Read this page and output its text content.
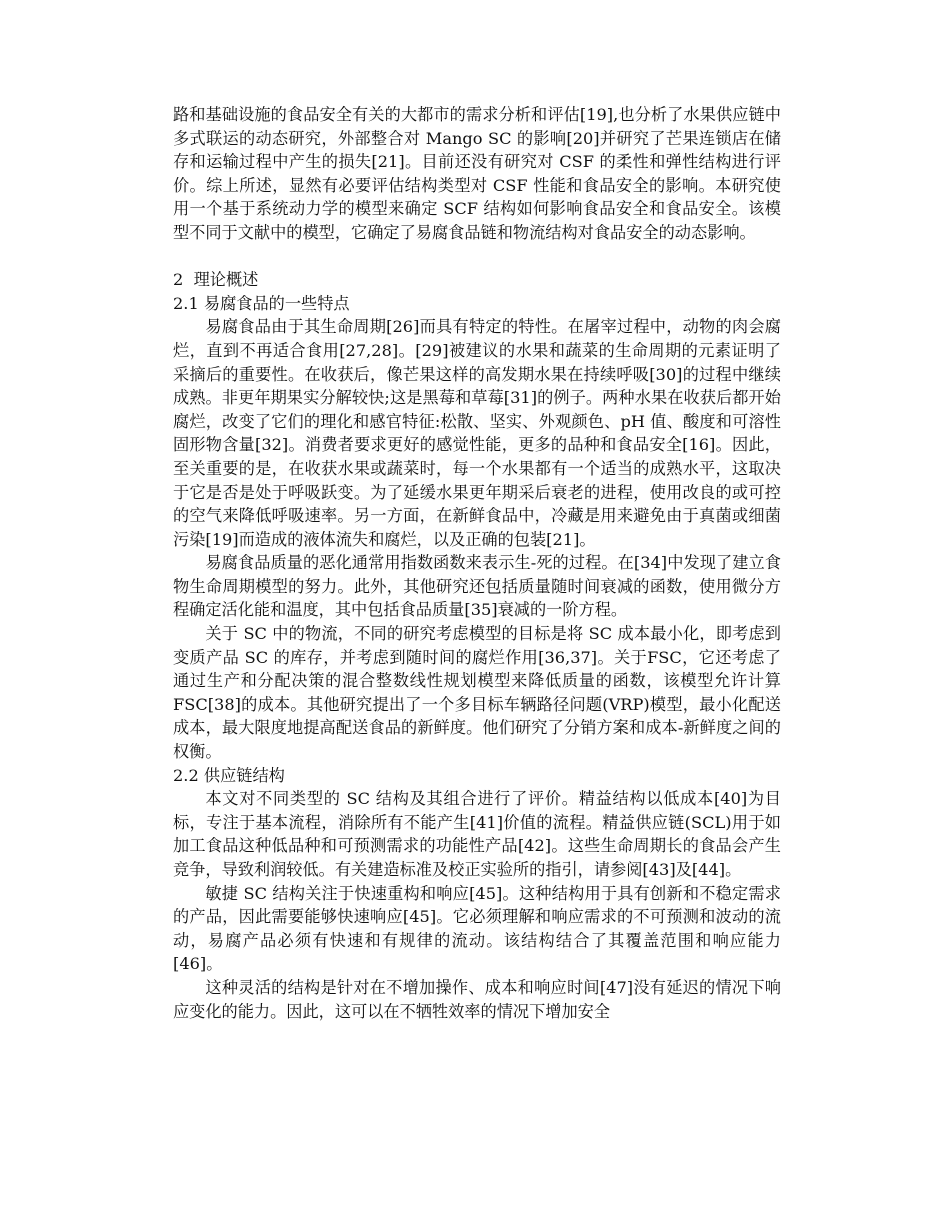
路和基础设施的食品安全有关的大都市的需求分析和评估[19],也分析了水果供应链中多式联运的动态研究，外部整合对 Mango SC 的影响[20]并研究了芒果连锁店在储存和运输过程中产生的损失[21]。目前还没有研究对 CSF 的柔性和弹性结构进行评价。综上所述，显然有必要评估结构类型对 CSF 性能和食品安全的影响。本研究使用一个基于系统动力学的模型来确定 SCF 结构如何影响食品安全和食品安全。该模型不同于文献中的模型，它确定了易腐食品链和物流结构对食品安全的动态影响。

2  理论概述

2.1 易腐食品的一些特点

易腐食品由于其生命周期[26]而具有特定的特性。在屠宰过程中，动物的肉会腐烂，直到不再适合食用[27,28]。[29]被建议的水果和蔬菜的生命周期的元素证明了采摘后的重要性。在收获后，像芒果这样的高发期水果在持续呼吸[30]的过程中继续成熟。非更年期果实分解较快;这是黑莓和草莓[31]的例子。两种水果在收获后都开始腐烂，改变了它们的理化和感官特征:松散、坚实、外观颜色、pH 值、酸度和可溶性固形物含量[32]。消费者要求更好的感觉性能，更多的品种和食品安全[16]。因此，至关重要的是，在收获水果或蔬菜时，每一个水果都有一个适当的成熟水平，这取决于它是否是处于呼吸跃变。为了延缓水果更年期采后衰老的进程，使用改良的或可控的空气来降低呼吸速率。另一方面，在新鲜食品中，冷藏是用来避免由于真菌或细菌污染[19]而造成的液体流失和腐烂，以及正确的包装[21]。

易腐食品质量的恶化通常用指数函数来表示生-死的过程。在[34]中发现了建立食物生命周期模型的努力。此外，其他研究还包括质量随时间衰减的函数，使用微分方程确定活化能和温度，其中包括食品质量[35]衰减的一阶方程。

关于 SC 中的物流，不同的研究考虑模型的目标是将 SC 成本最小化，即考虑到变质产品 SC 的库存，并考虑到随时间的腐烂作用[36,37]。关于FSC，它还考虑了通过生产和分配决策的混合整数线性规划模型来降低质量的函数，该模型允许计算 FSC[38]的成本。其他研究提出了一个多目标车辆路径问题(VRP)模型，最小化配送成本，最大限度地提高配送食品的新鲜度。他们研究了分销方案和成本-新鲜度之间的权衡。

2.2 供应链结构

本文对不同类型的 SC 结构及其组合进行了评价。精益结构以低成本[40]为目标，专注于基本流程，消除所有不能产生[41]价值的流程。精益供应链(SCL)用于如加工食品这种低品种和可预测需求的功能性产品[42]。这些生命周期长的食品会产生竞争，导致利润较低。有关建造标准及校正实验所的指引，请参阅[43]及[44]。

敏捷 SC 结构关注于快速重构和响应[45]。这种结构用于具有创新和不稳定需求的产品，因此需要能够快速响应[45]。它必须理解和响应需求的不可预测和波动的流动，易腐产品必须有快速和有规律的流动。该结构结合了其覆盖范围和响应能力[46]。

这种灵活的结构是针对在不增加操作、成本和响应时间[47]没有延迟的情况下响应变化的能力。因此，这可以在不牺牲效率的情况下增加安全
